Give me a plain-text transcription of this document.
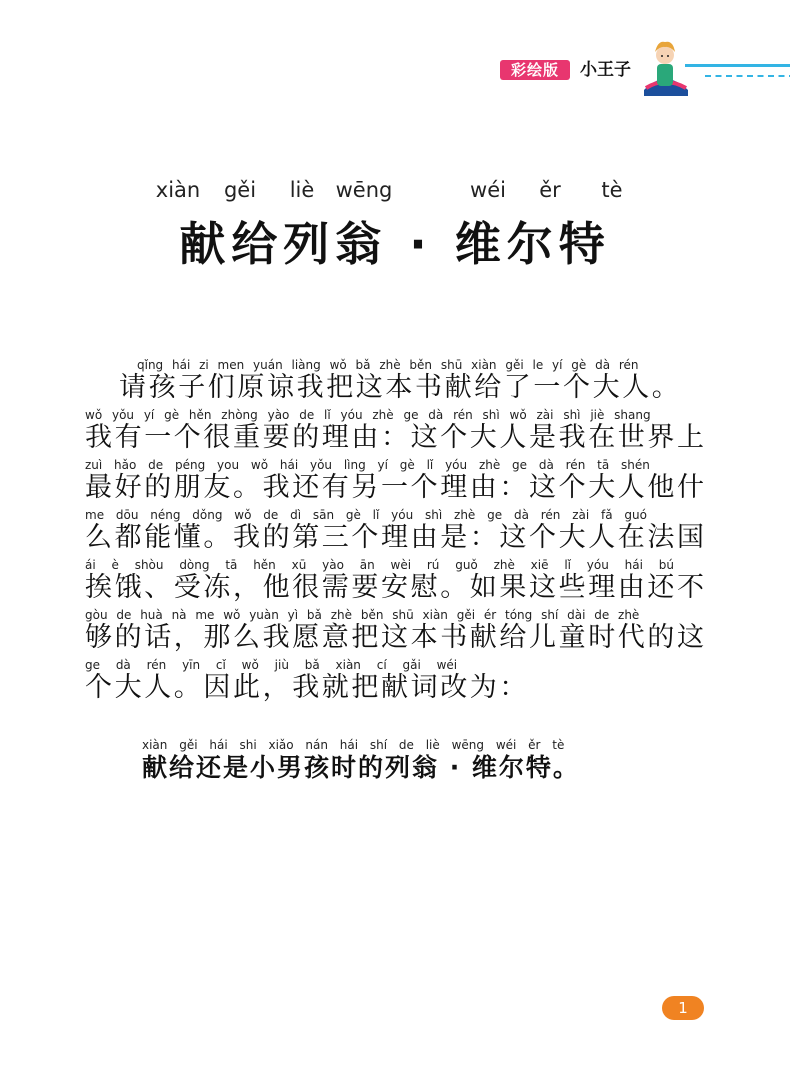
彩绘版	小王子
xiàn	gěi	liè	wēng	wéi	ěr	tè
献给列翁 · 维尔特
qǐng hái zi men yuán liàng wǒ bǎ zhè běn shū xiàn gěi le yí gè dà rén
请孩子们原谅我把这本书献给了一个大人。
wǒ yǒu yí gè hěn zhòng yào de lǐ yóu zhè ge dà rén shì wǒ zài shì jiè shang
我有一个很重要的理由：这个大人是我在世界上
zuì hǎo de péng you wǒ hái yǒu lìng yí gè lǐ yóu zhè ge dà rén tā shén
最好的朋友。我还有另一个理由：这个大人他什
me dōu néng dǒng wǒ de dì sān gè lǐ yóu shì zhè ge dà rén zài fǎ guó
么都能懂。我的第三个理由是：这个大人在法国
ái è shòu dòng tā hěn xū yào ān wèi rú guǒ zhè xiē lǐ yóu hái bú
挨饿、受冻，他很需要安慰。如果这些理由还不
gòu de huà nà me wǒ yuàn yì bǎ zhè běn shū xiàn gěi ér tóng shí dài de zhè
够的话，那么我愿意把这本书献给儿童时代的这
ge dà rén yīn cǐ wǒ jiù bǎ xiàn cí gǎi wéi
个大人。因此，我就把献词改为：
xiàn gěi hái shi xiǎo nán hái shí de liè wēng wéi ěr tè
献给还是小男孩时的列翁 · 维尔特。
1
